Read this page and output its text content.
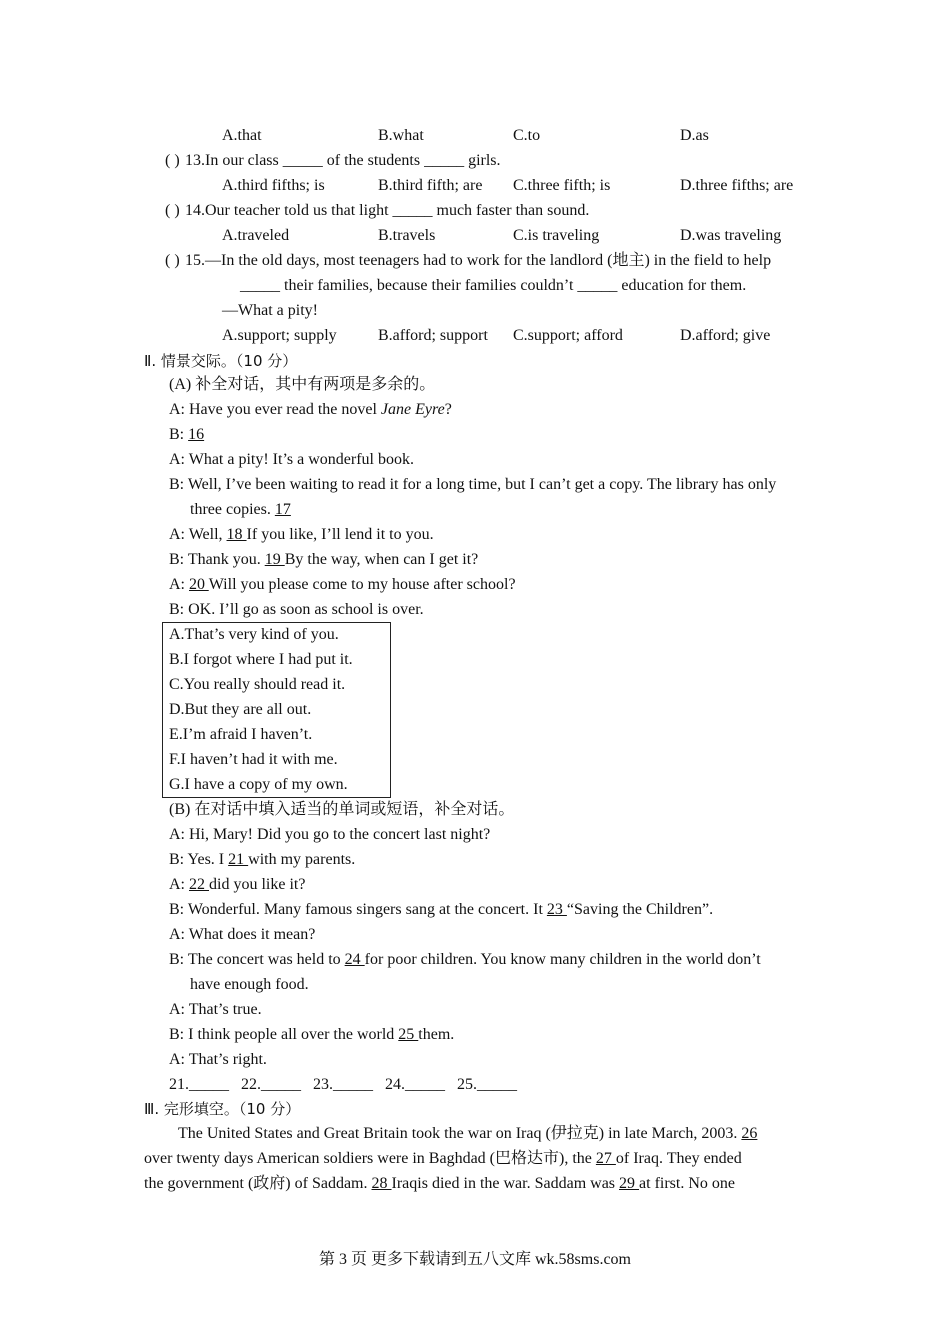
A.that	B.what	C.to	D.as
( ) 13.In our class _____ of the students _____ girls.
A.third fifths; is	B.third fifth; are C.three fifth; is	D.three fifths; are
( ) 14.Our teacher told us that light _____ much faster than sound.
A.traveled	B.travels	C.is traveling	D.was traveling
( ) 15.—In the old days, most teenagers had to work for the landlord (地主) in the field to help
_____ their families, because their families couldn’t _____ education for them.
—What a pity!
A.support; supply	B.afford; support C.support; afford	D.afford; give
Ⅱ. 情景交际。（10 分）
(A) 补全对话，其中有两项是多余的。
A: Have you ever read the novel Jane Eyre?
B: 16
A: What a pity! It’s a wonderful book.
B: Well, I’ve been waiting to read it for a long time, but I can’t get a copy. The library has only
three copies. 17
A: Well, 18 If you like, I’ll lend it to you.
B: Thank you. 19 By the way, when can I get it?
A: 20 Will you please come to my house after school?
B: OK. I’ll go as soon as school is over.
A.That’s very kind of you.
B.I forgot where I had put it.
C.You really should read it.
D.But they are all out.
E.I’m afraid I haven’t.
F.I haven’t had it with me.
G.I have a copy of my own.
(B) 在对话中填入适当的单词或短语，补全对话。
A: Hi, Mary! Did you go to the concert last night?
B: Yes. I 21 with my parents.
A: 22 did you like it?
B: Wonderful. Many famous singers sang at the concert. It 23 “Saving the Children”.
A: What does it mean?
B: The concert was held to 24 for poor children. You know many children in the world don’t
have enough food.
A: That’s true.
B: I think people all over the world 25 them.
A: That’s right.
21._____   22._____   23._____   24._____   25._____
Ⅲ. 完形填空。（10 分）
The United States and Great Britain took the war on Iraq (伊拉克) in late March, 2003. 26
over twenty days American soldiers were in Baghdad (巴格达市), the 27 of Iraq. They ended
the government (政府) of Saddam. 28 Iraqis died in the war. Saddam was 29 at first. No one
第 3 页 更多下载请到五八文库 wk.58sms.com
